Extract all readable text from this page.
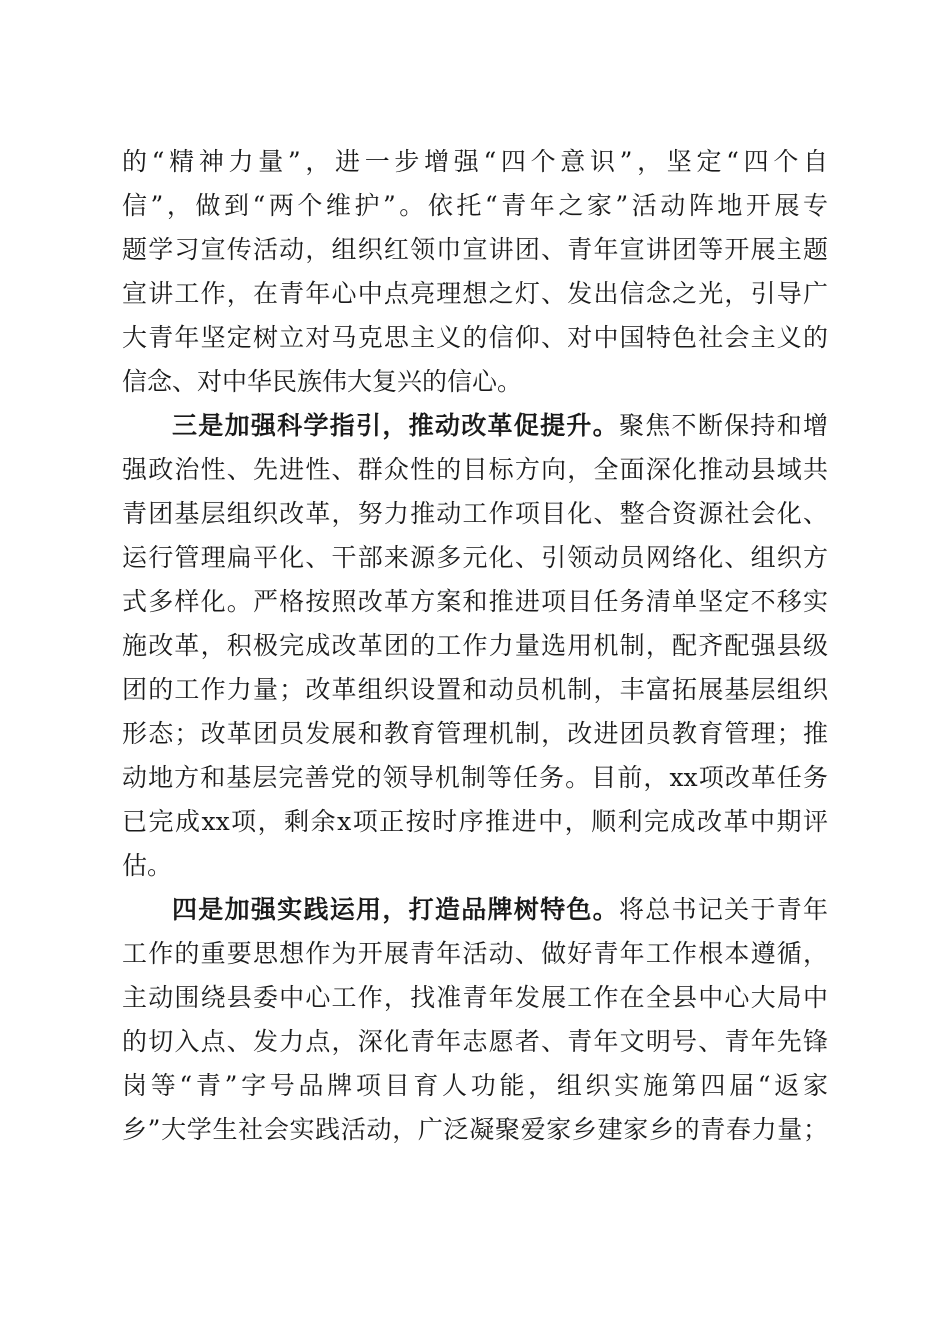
的“精神力量”，进一步增强“四个意识”，坚定“四个自
信”，做到“两个维护”。依托“青年之家”活动阵地开展专
题学习宣传活动，组织红领巾宣讲团、青年宣讲团等开展主题
宣讲工作，在青年心中点亮理想之灯、发出信念之光，引导广
大青年坚定树立对马克思主义的信仰、对中国特色社会主义的
信念、对中华民族伟大复兴的信心。
三是加强科学指引，推动改革促提升。聚焦不断保持和增
强政治性、先进性、群众性的目标方向，全面深化推动县域共
青团基层组织改革，努力推动工作项目化、整合资源社会化、
运行管理扁平化、干部来源多元化、引领动员网络化、组织方
式多样化。严格按照改革方案和推进项目任务清单坚定不移实
施改革，积极完成改革团的工作力量选用机制，配齐配强县级
团的工作力量；改革组织设置和动员机制，丰富拓展基层组织
形态；改革团员发展和教育管理机制，改进团员教育管理；推
动地方和基层完善党的领导机制等任务。目前，xx项改革任务
已完成xx项，剩余x项正按时序推进中，顺利完成改革中期评
估。
四是加强实践运用，打造品牌树特色。将总书记关于青年
工作的重要思想作为开展青年活动、做好青年工作根本遵循，
主动围绕县委中心工作，找准青年发展工作在全县中心大局中
的切入点、发力点，深化青年志愿者、青年文明号、青年先锋
岗等“青”字号品牌项目育人功能，组织实施第四届“返家
乡”大学生社会实践活动，广泛凝聚爱家乡建家乡的青春力量；
